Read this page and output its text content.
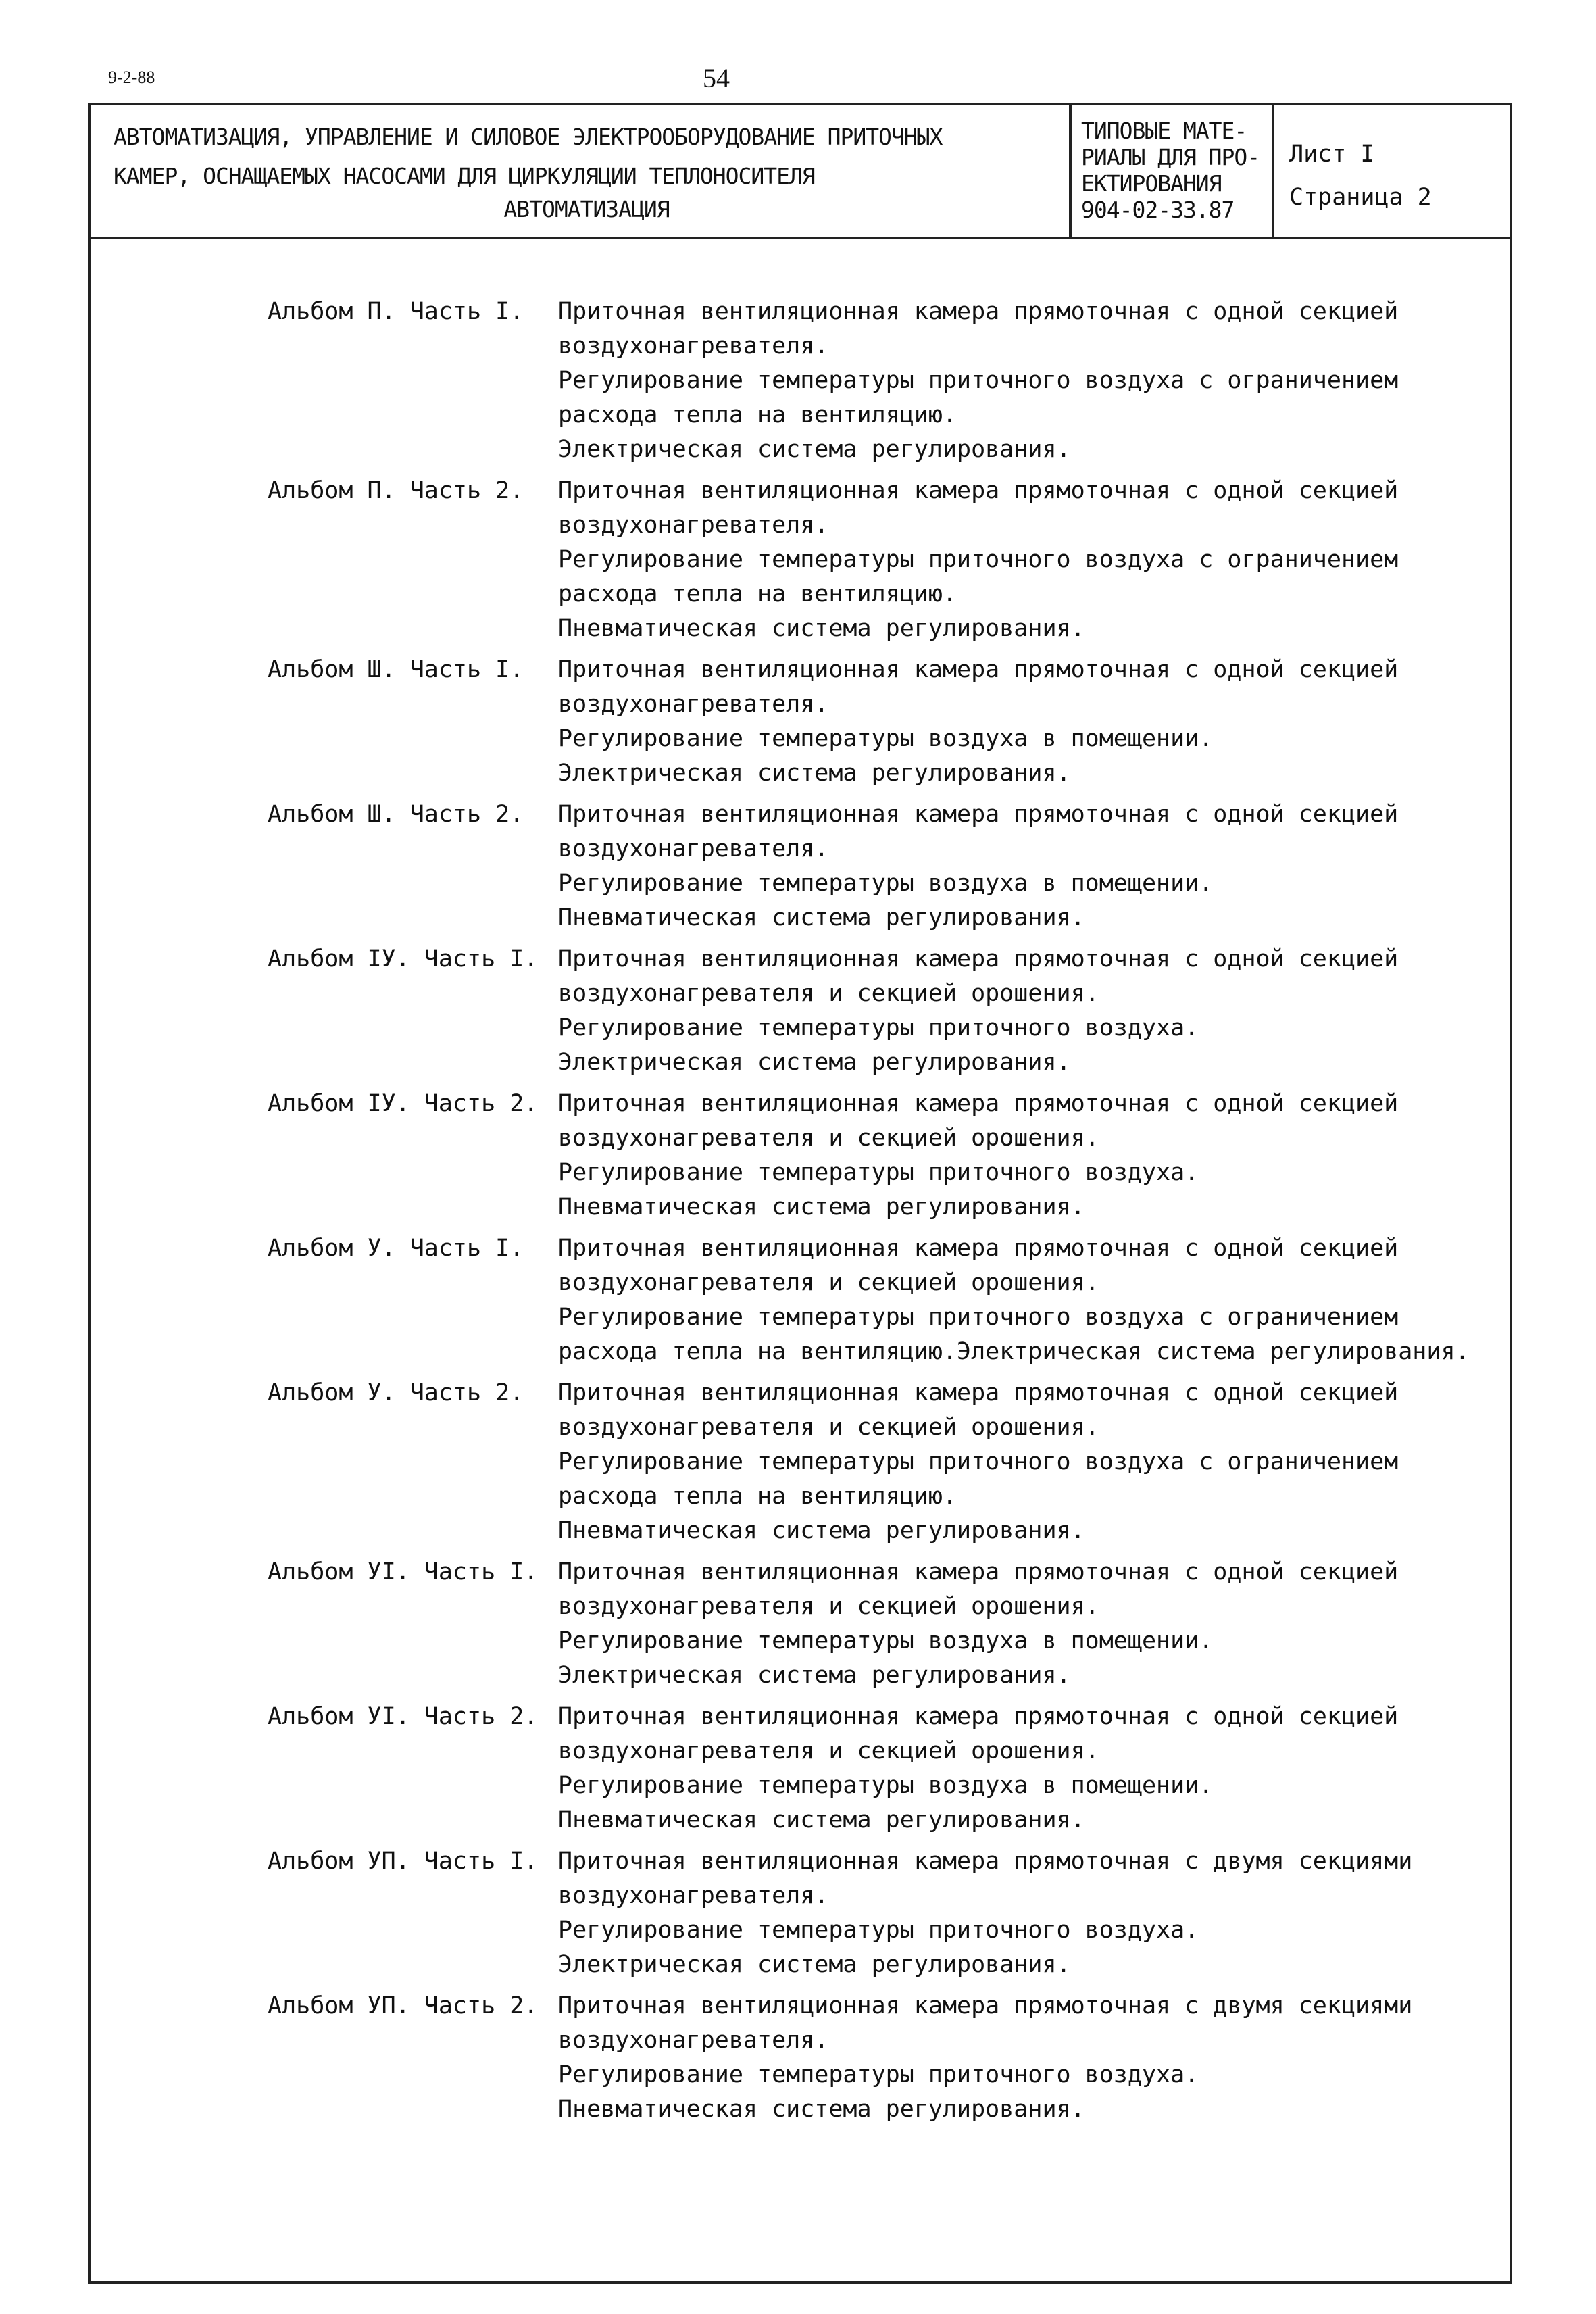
9-2-88	54
АВТОМАТИЗАЦИЯ, УПРАВЛЕНИЕ И СИЛОВОЕ ЭЛЕКТРООБОРУДОВАНИЕ ПРИТОЧНЫХ
КАМЕР, ОСНАЩАЕМЫХ НАСОСАМИ ДЛЯ ЦИРКУЛЯЦИИ ТЕПЛОНОСИТЕЛЯ
АВТОМАТИЗАЦИЯ
ТИПОВЫЕ МАТЕ-
РИАЛЫ ДЛЯ ПРО-
ЕКТИРОВАНИЯ
904-02-33.87
Лист I
Страница 2
Альбом П. Часть I.	Приточная вентиляционная камера прямоточная с одной секцией
воздухонагревателя.
Регулирование температуры приточного воздуха с ограничением
расхода тепла на вентиляцию.
Электрическая система регулирования.
Альбом П. Часть 2.	Приточная вентиляционная камера прямоточная с одной секцией
воздухонагревателя.
Регулирование температуры приточного воздуха с ограничением
расхода тепла на вентиляцию.
Пневматическая система регулирования.
Альбом Ш. Часть I.	Приточная вентиляционная камера прямоточная с одной секцией
воздухонагревателя.
Регулирование температуры воздуха в помещении.
Электрическая система регулирования.
Альбом Ш. Часть 2.	Приточная вентиляционная камера прямоточная с одной секцией
воздухонагревателя.
Регулирование температуры воздуха в помещении.
Пневматическая система регулирования.
Альбом IУ. Часть I. Приточная вентиляционная камера прямоточная с одной секцией
воздухонагревателя и секцией орошения.
Регулирование температуры приточного воздуха.
Электрическая система регулирования.
Альбом IУ. Часть 2. Приточная вентиляционная камера прямоточная с одной секцией
воздухонагревателя и секцией орошения.
Регулирование температуры приточного воздуха.
Пневматическая система регулирования.
Альбом У. Часть I.	Приточная вентиляционная камера прямоточная с одной секцией
воздухонагревателя и секцией орошения.
Регулирование температуры приточного воздуха с ограничением
расхода тепла на вентиляцию.Электрическая система регулирования.
Альбом У. Часть 2.	Приточная вентиляционная камера прямоточная с одной секцией
воздухонагревателя и секцией орошения.
Регулирование температуры приточного воздуха с ограничением
расхода тепла на вентиляцию.
Пневматическая система регулирования.
Альбом УI. Часть I. Приточная вентиляционная камера прямоточная с одной секцией
воздухонагревателя и секцией орошения.
Регулирование температуры воздуха в помещении.
Электрическая система регулирования.
Альбом УI. Часть 2. Приточная вентиляционная камера прямоточная с одной секцией
воздухонагревателя и секцией орошения.
Регулирование температуры воздуха в помещении.
Пневматическая система регулирования.
Альбом УП. Часть I. Приточная вентиляционная камера прямоточная с двумя секциями
воздухонагревателя.
Регулирование температуры приточного воздуха.
Электрическая система регулирования.
Альбом УП. Часть 2. Приточная вентиляционная камера прямоточная с двумя секциями
воздухонагревателя.
Регулирование температуры приточного воздуха.
Пневматическая система регулирования.
